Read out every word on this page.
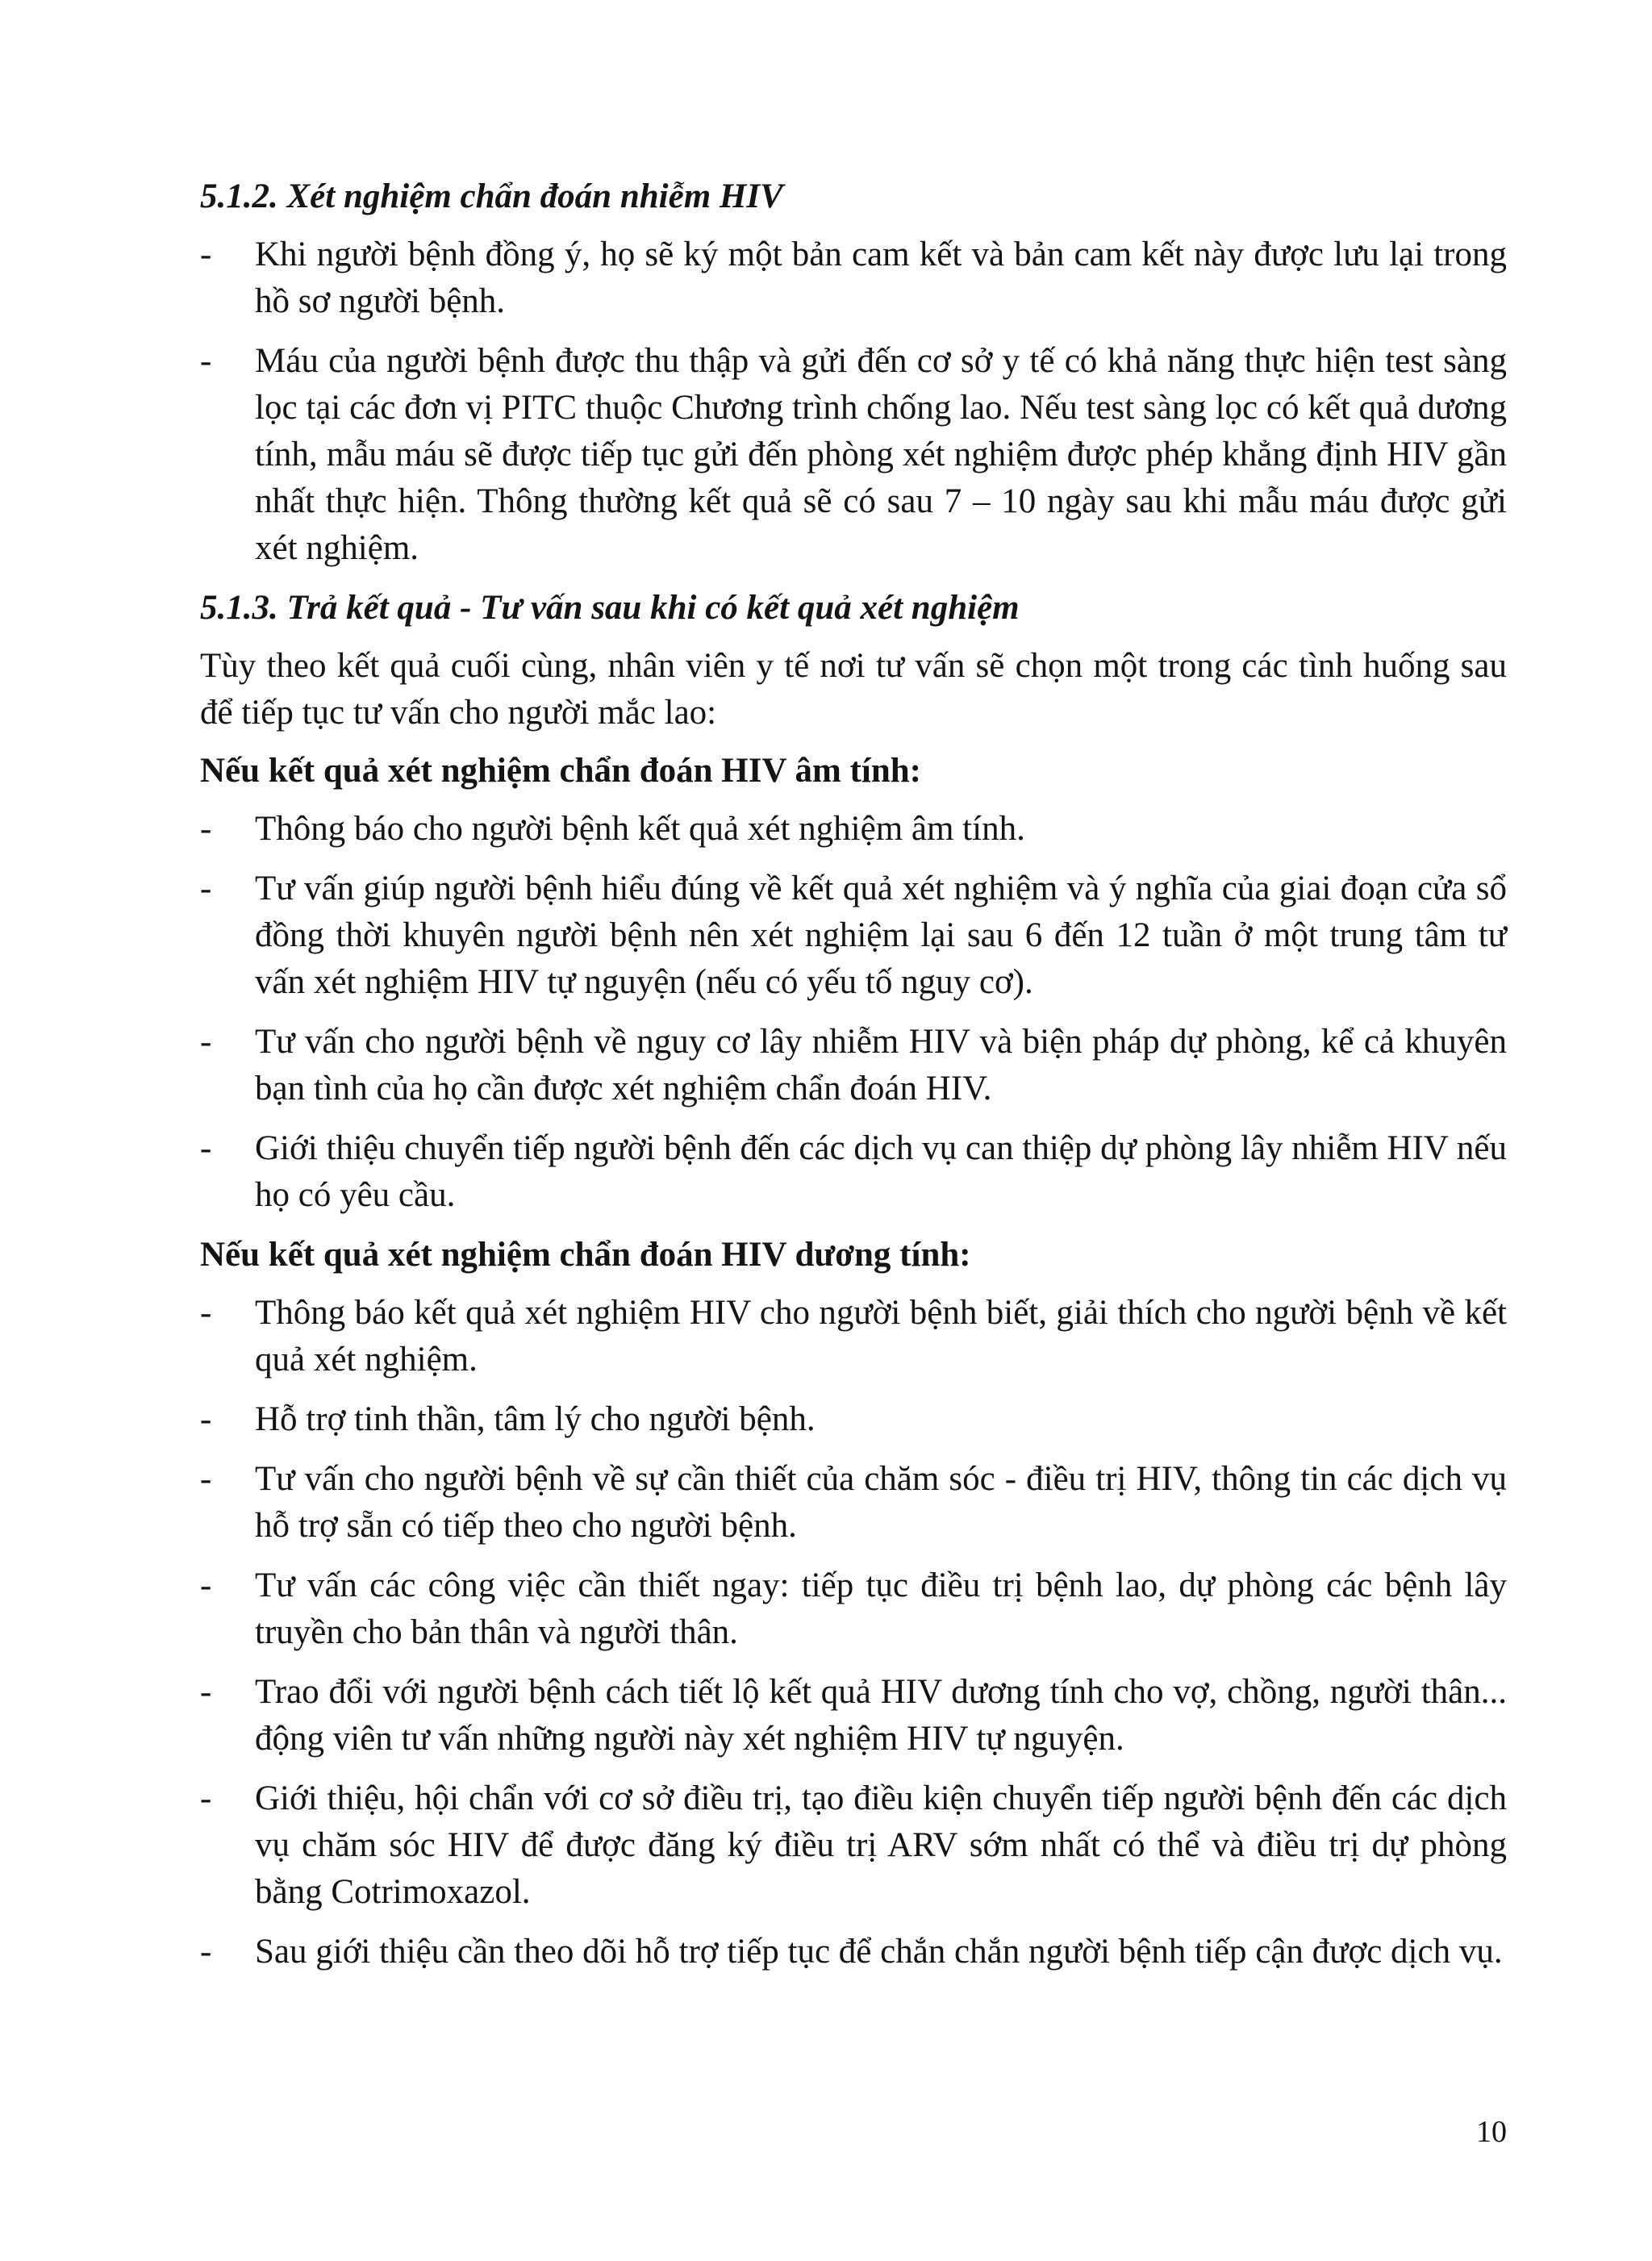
5.1.2. Xét nghiệm chẩn đoán nhiễm HIV
-	Khi người bệnh đồng ý, họ sẽ ký một bản cam kết và bản cam kết này được lưu lại trong hồ sơ người bệnh.
-	Máu của người bệnh được thu thập và gửi đến cơ sở y tế có khả năng thực hiện test sàng lọc tại các đơn vị PITC thuộc Chương trình chống lao. Nếu test sàng lọc có kết quả dương tính, mẫu máu sẽ được tiếp tục gửi đến phòng xét nghiệm được phép khẳng định HIV gần nhất thực hiện. Thông thường kết quả sẽ có sau 7 – 10 ngày sau khi mẫu máu được gửi xét nghiệm.
5.1.3. Trả kết quả - Tư vấn sau khi có kết quả xét nghiệm
Tùy theo kết quả cuối cùng, nhân viên y tế nơi tư vấn sẽ chọn một trong các tình huống sau để tiếp tục tư vấn cho người mắc lao:
Nếu kết quả xét nghiệm chẩn đoán HIV âm tính:
-	Thông báo cho người bệnh kết quả xét nghiệm âm tính.
-	Tư vấn giúp người bệnh hiểu đúng về kết quả xét nghiệm và ý nghĩa của giai đoạn cửa sổ đồng thời khuyên người bệnh nên xét nghiệm lại sau 6 đến 12 tuần ở một trung tâm tư vấn xét nghiệm HIV tự nguyện (nếu có yếu tố nguy cơ).
-	Tư vấn cho người bệnh về nguy cơ lây nhiễm HIV và biện pháp dự phòng, kể cả khuyên bạn tình của họ cần được xét nghiệm chẩn đoán HIV.
-	Giới thiệu chuyển tiếp người bệnh đến các dịch vụ can thiệp dự phòng lây nhiễm HIV nếu họ có yêu cầu.
Nếu kết quả xét nghiệm chẩn đoán HIV dương tính:
-	Thông báo kết quả xét nghiệm HIV cho người bệnh biết, giải thích cho người bệnh về kết quả xét nghiệm.
-	Hỗ trợ tinh thần, tâm lý cho người bệnh.
-	Tư vấn cho người bệnh về sự cần thiết của chăm sóc - điều trị HIV, thông tin các dịch vụ hỗ trợ sẵn có tiếp theo cho người bệnh.
-	Tư vấn các công việc cần thiết ngay: tiếp tục điều trị bệnh lao, dự phòng các bệnh lây truyền cho bản thân và người thân.
-	Trao đổi với người bệnh cách tiết lộ kết quả HIV dương tính cho vợ, chồng, người thân... động viên tư vấn những người này xét nghiệm HIV tự nguyện.
-	Giới thiệu, hội chẩn với cơ sở điều trị, tạo điều kiện chuyển tiếp người bệnh đến các dịch vụ chăm sóc HIV để được đăng ký điều trị ARV sớm nhất có thể và điều trị dự phòng bằng Cotrimoxazol.
-	Sau giới thiệu cần theo dõi hỗ trợ tiếp tục để chắn chắn người bệnh tiếp cận được dịch vụ.
10
